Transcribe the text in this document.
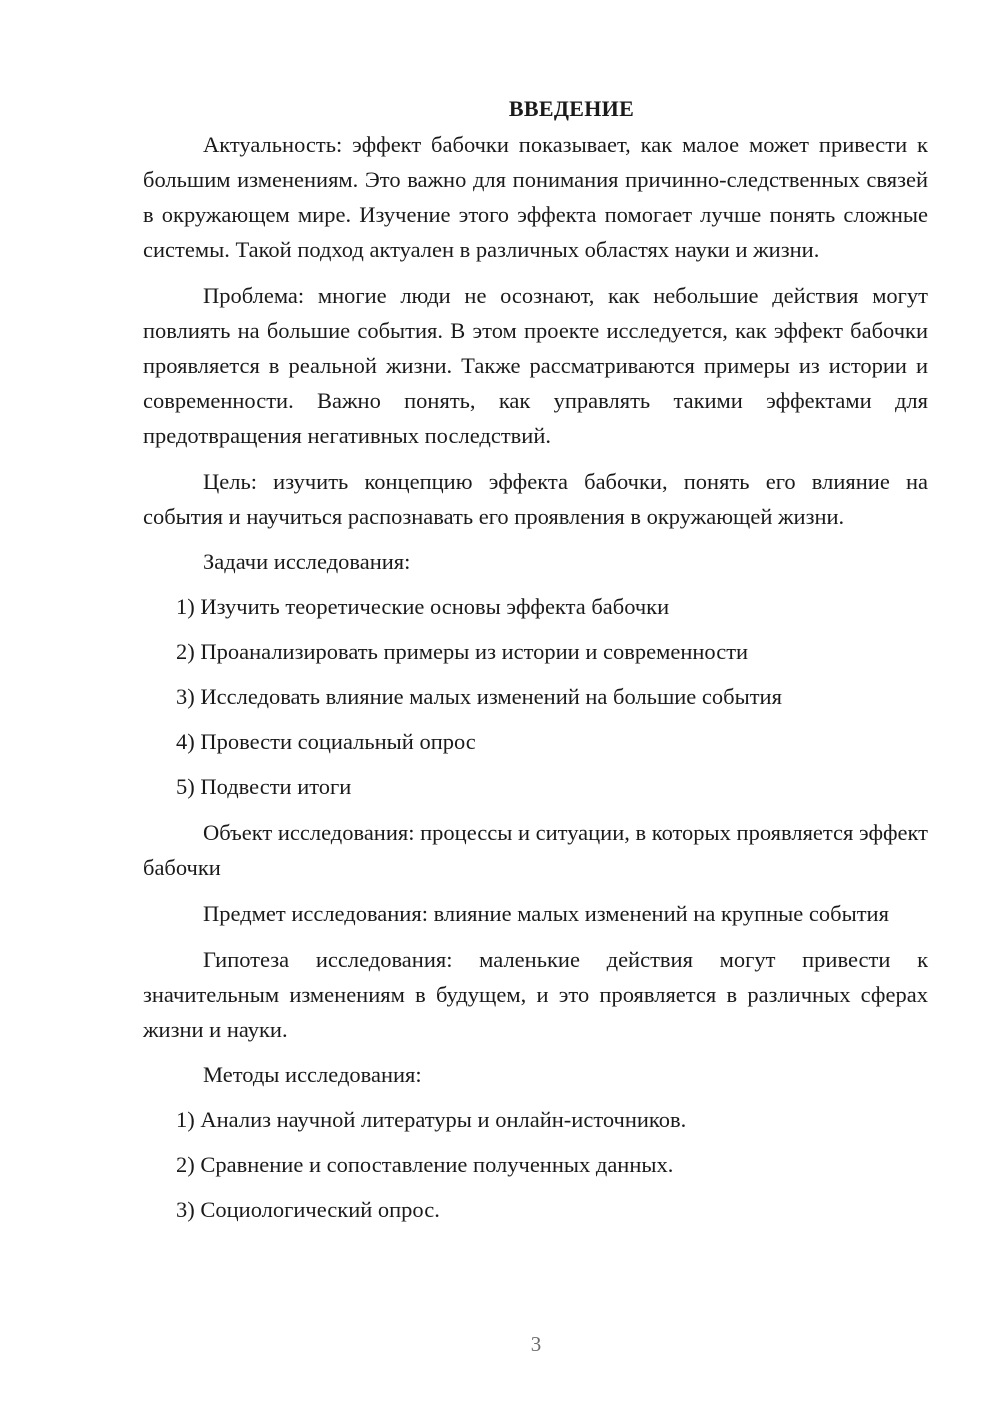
ВВЕДЕНИЕ

Актуальность: эффект бабочки показывает, как малое может привести к большим изменениям. Это важно для понимания причинно-следственных связей в окружающем мире. Изучение этого эффекта помогает лучше понять сложные системы. Такой подход актуален в различных областях науки и жизни.

Проблема: многие люди не осознают, как небольшие действия могут повлиять на большие события. В этом проекте исследуется, как эффект бабочки проявляется в реальной жизни. Также рассматриваются примеры из истории и современности. Важно понять, как управлять такими эффектами для предотвращения негативных последствий.

Цель: изучить концепцию эффекта бабочки, понять его влияние на события и научиться распознавать его проявления в окружающей жизни.

Задачи исследования:

1) Изучить теоретические основы эффекта бабочки
2) Проанализировать примеры из истории и современности
3) Исследовать влияние малых изменений на большие события
4) Провести социальный опрос
5) Подвести итоги

Объект исследования: процессы и ситуации, в которых проявляется эффект бабочки

Предмет исследования: влияние малых изменений на крупные события

Гипотеза исследования: маленькие действия могут привести к значительным изменениям в будущем, и это проявляется в различных сферах жизни и науки.

Методы исследования:

1) Анализ научной литературы и онлайн-источников.
2) Сравнение и сопоставление полученных данных.
3) Социологический опрос.
3
